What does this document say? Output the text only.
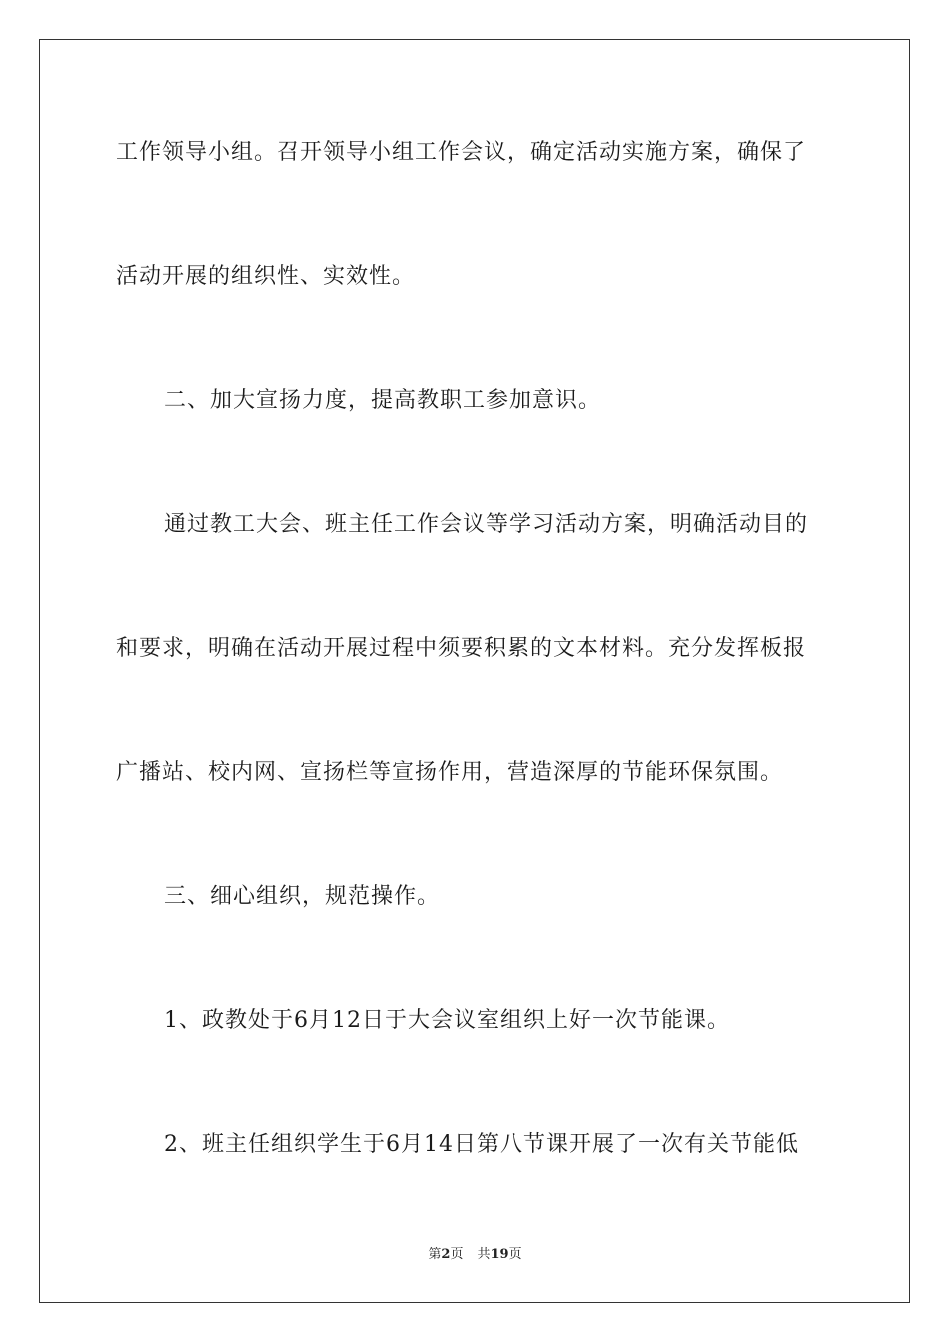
工作领导小组。召开领导小组工作会议，确定活动实施方案，确保了
活动开展的组织性、实效性。
二、加大宣扬力度，提高教职工参加意识。
通过教工大会、班主任工作会议等学习活动方案，明确活动目的
和要求，明确在活动开展过程中须要积累的文本材料。充分发挥板报
广播站、校内网、宣扬栏等宣扬作用，营造深厚的节能环保氛围。
三、细心组织，规范操作。
1、政教处于6月12日于大会议室组织上好一次节能课。
2、班主任组织学生于6月14日第八节课开展了一次有关节能低
第2页 共19页
